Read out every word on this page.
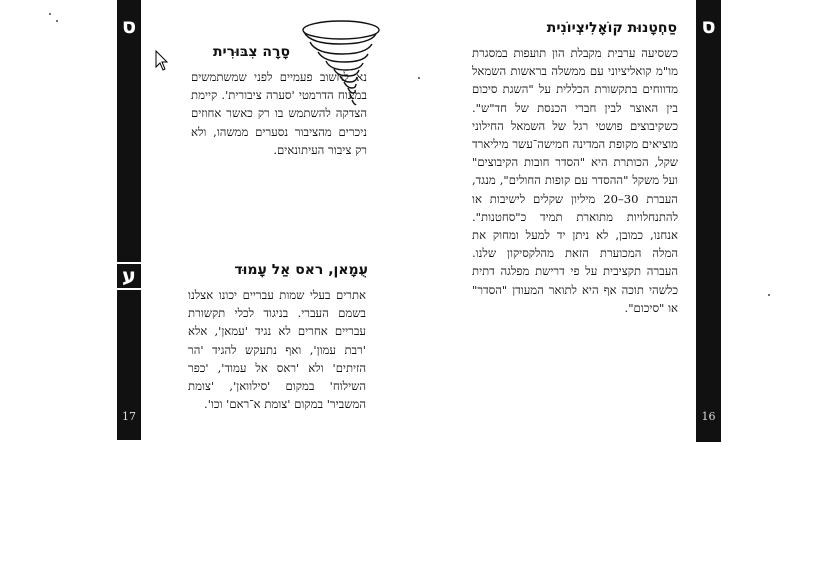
ס
ע
17
ס
16
סָרָה צִבּוּרִית

נא לחשוב פעמיים לפני שמשתמשים במינוח הדרמטי 'סערה ציבורית'. קיימת הצדקה להשתמש בו רק כאשר אחוזים ניכרים מהציבור נסערים ממשהו, ולא רק ציבור העיתונאים.

עֻמָאן, ראס אַל עָמוּד

אתרים בעלי שמות עבריים יכונו אצלנו בשמם העברי. בניגוד לכלי תקשורת עבריים אחרים לא נגיד 'עמאן', אלא 'רבת עמון', ואף נתעקש להגיד 'הר הזיתים' ולא 'ראס אל עמוד', 'כפר השילוח' במקום 'סילוואן', 'צומת המשביר' במקום 'צומת א־ראם' וכו'.

סַחְטָנוּת קוֹאָלִיצְיוֹנִית

כשסיעה ערבית מקבלת הון תועפות במסגרת מו"מ קואליציוני עם ממשלה בראשות השמאל מדווחים בתקשורת הכללית על "השגת סיכום בין האוצר לבין חברי הכנסת של חד"ש". כשקיבוצים פושטי רגל של השמאל החילוני מוציאים מקופת המדינה חמישה־עשר מיליארד שקל, הכותרת היא "הסדר חובות הקיבוצים" ועל משקל "ההסדר עם קופות החולים", מנגד, העברת 30–20 מיליון שקלים לישיבות או להתנחלויות מתוארת תמיד כ"סחטנות". אנחנו, כמובן, לא ניתן יד למעל ומחוק את המלה המכוערת הזאת מהלקסיקון שלנו. העברה תקציבית על פי דרישת מפלגה דתית כלשהי תוכה אף היא לתואר המעודן "הסדר" או "סיכום".
